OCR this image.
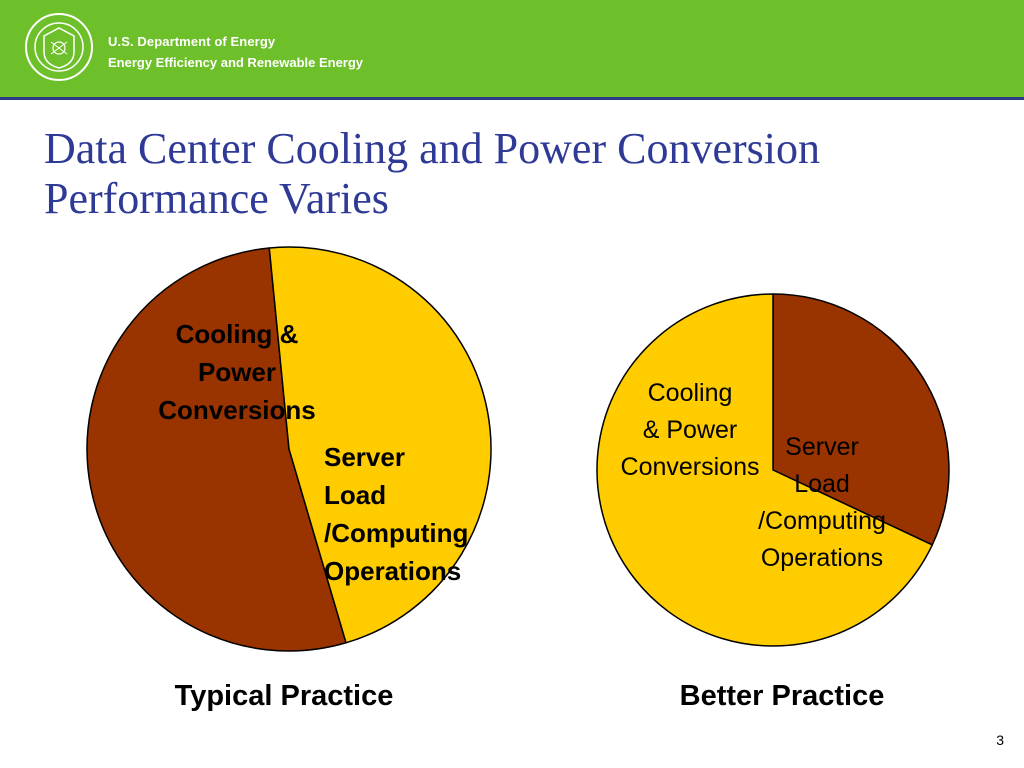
U.S. Department of Energy
Energy Efficiency and Renewable Energy
Data Center Cooling and Power Conversion
Performance Varies
Cooling & Power Conversions
Server Load /Computing Operations
Typical Practice
Cooling & Power Conversions
Server Load /Computing Operations
Better Practice
3
